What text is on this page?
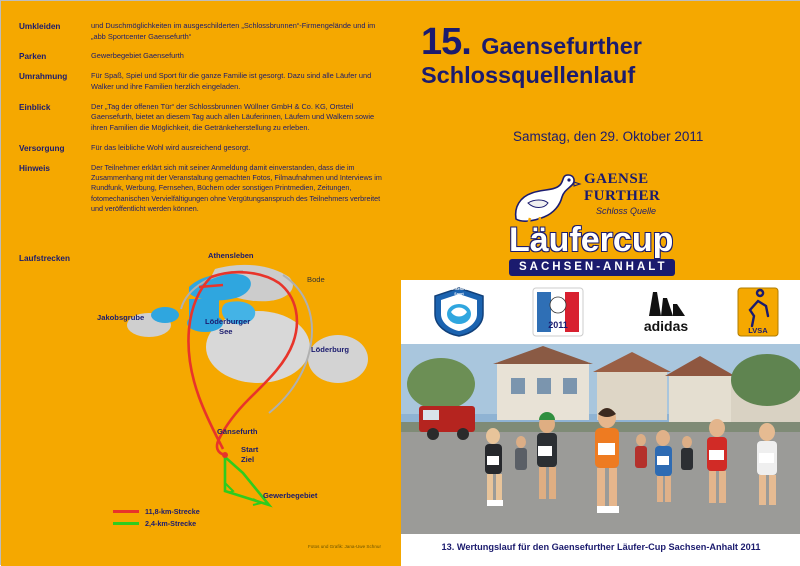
Umkleiden	und Duschmöglichkeiten im ausgeschilderten „Schlossbrunnen“-Firmengelände und im „abb Sportcenter Gaensefurth“
Parken	Gewerbegebiet Gaensefurth
Umrahmung	Für Spaß, Spiel und Sport für die ganze Familie ist gesorgt. Dazu sind alle Läufer und Walker und ihre Familien herzlich eingeladen.
Einblick	Der „Tag der offenen Tür“ der Schlossbrunnen Wüllner GmbH & Co. KG, Ortsteil Gaensefurth, bietet an diesem Tag auch allen Läuferinnen, Läufern und Walkern sowie ihren Familien die Möglichkeit, die Getränkeherstellung zu erleben.
Versorgung	Für das leibliche Wohl wird ausreichend gesorgt.
Hinweis	Der Teilnehmer erklärt sich mit seiner Anmeldung damit einverstanden, dass die im Zusammenhang mit der Veranstaltung gemachten Fotos, Filmaufnahmen und Interviews im Rundfunk, Werbung, Fernsehen, Büchern oder sonstigen Printmedien, Zeitungen, fotomechanischen Vervielfältigungen ohne Vergütungsanspruch des Teilnehmers verbreitet und veröffentlicht werden können.
Laufstrecken	Athensleben
Jakobsgrube	Löderburger
See
Löderburg
Gänsefurth
Start
Ziel
Gewerbegebiet
Bode
11,8-km-Strecke
2,4-km-Strecke
Fotos und Grafik: Jana-Uwe Schnur
15. Gaensefurther
Schlossquellenlauf
Samstag, den 29. Oktober 2011
GAENSE
FURTHER
Schloss Quelle
Läufercup
SACHSEN-ANHALT
Gaensefurther
Sport
Bewegung
2011	adidas	LVSA
13. Wertungslauf für den Gaensefurther Läufer-Cup Sachsen-Anhalt 2011
